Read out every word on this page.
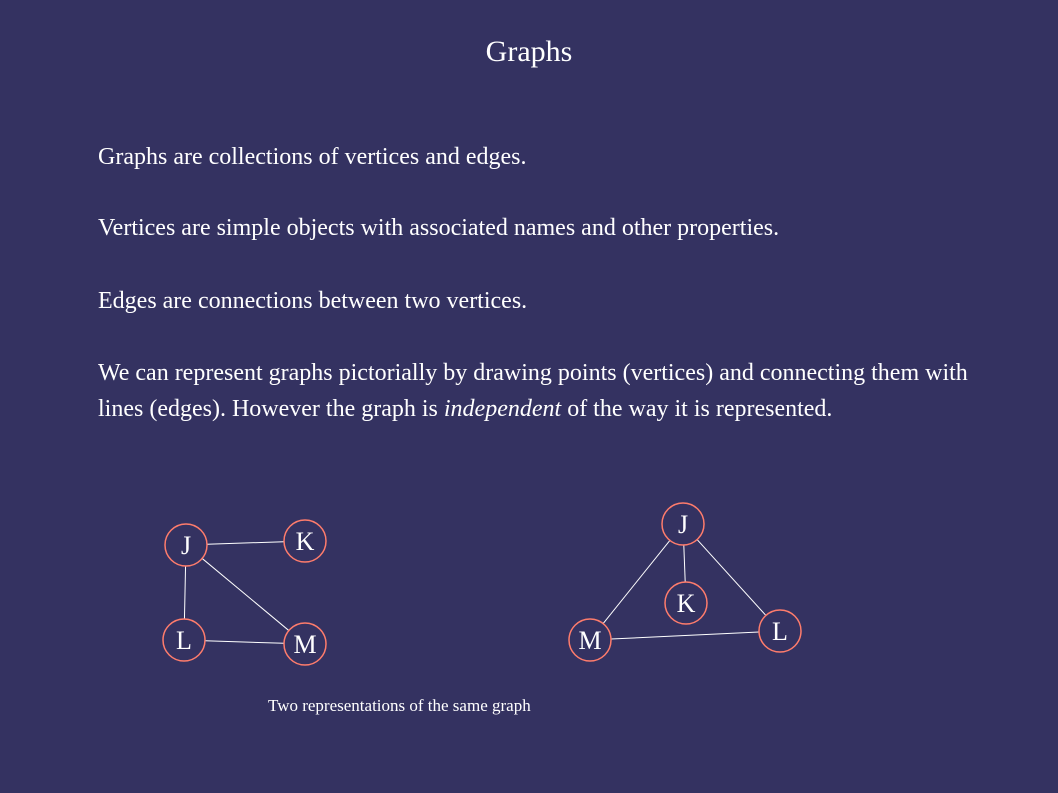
Graphs

Graphs are collections of vertices and edges.

Vertices are simple objects with associated names and other properties.

Edges are connections between two vertices.

We can represent graphs pictorially by drawing points (vertices) and connecting them with lines (edges). However the graph is independent of the way it is represented.

J	K
L	M
J
K
L
M
Two representations of the same graph
